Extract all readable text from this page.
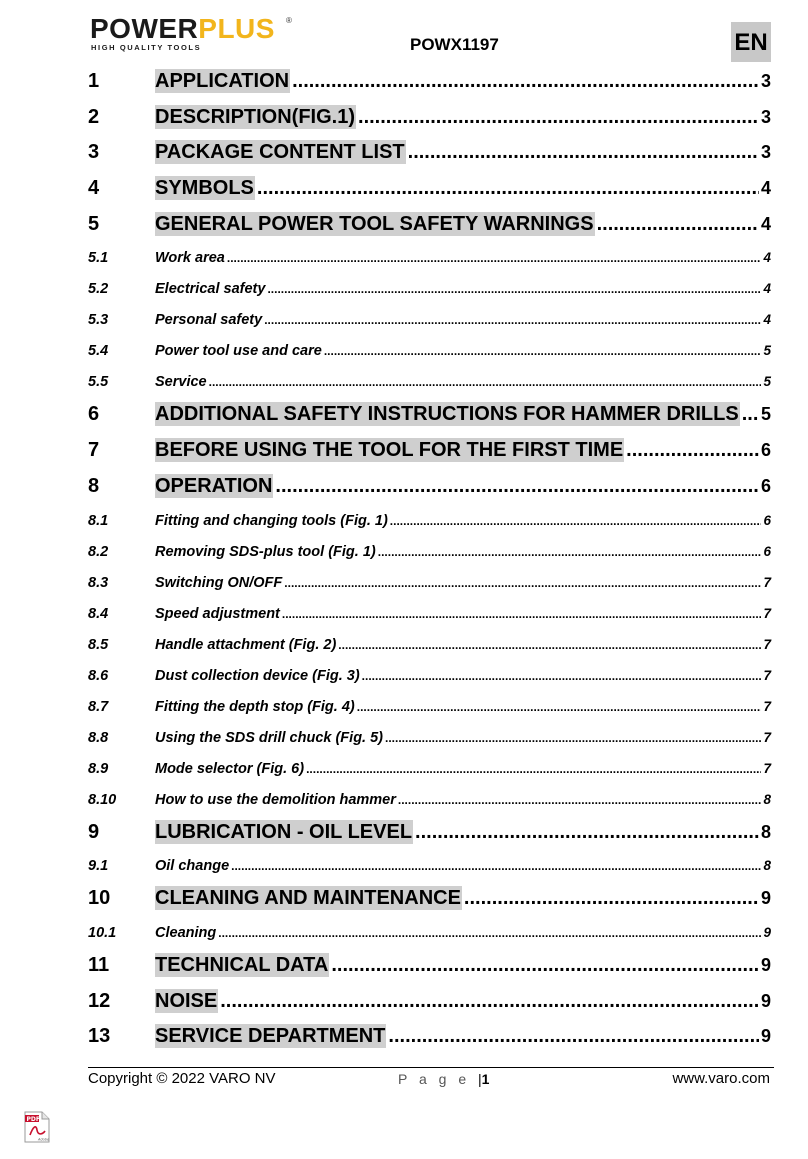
POWERPLUS ®
HIGH QUALITY TOOLS	POWX1197	EN
1	APPLICATION .....	3
2	DESCRIPTION(FIG.1) .....	3
3	PACKAGE CONTENT LIST .....	3
4	SYMBOLS .....	4
5	GENERAL POWER TOOL SAFETY WARNINGS .....	4
5.1	Work area .....	4
5.2	Electrical safety .....	4
5.3	Personal safety .....	4
5.4	Power tool use and care .....	5
5.5	Service .....	5
6	ADDITIONAL SAFETY INSTRUCTIONS FOR HAMMER DRILLS ..... 5
7	BEFORE USING THE TOOL FOR THE FIRST TIME .....	6
8	OPERATION .....	6
8.1	Fitting and changing tools (Fig. 1) .....	6
8.2	Removing SDS-plus tool (Fig. 1) .....	6
8.3	Switching ON/OFF .....	7
8.4	Speed adjustment .....	7
8.5	Handle attachment (Fig. 2) .....	7
8.6	Dust collection device (Fig. 3) .....	7
8.7	Fitting the depth stop (Fig. 4) .....	7
8.8	Using the SDS drill chuck (Fig. 5) .....	7
8.9	Mode selector (Fig. 6) .....	7
8.10	How to use the demolition hammer .....	8
9	LUBRICATION - OIL LEVEL .....	8
9.1	Oil change .....	8
10	CLEANING AND MAINTENANCE .....	9
10.1	Cleaning .....	9
11	TECHNICAL DATA .....	9
12	NOISE .....	9
13	SERVICE DEPARTMENT .....	9
Copyright © 2022 VARO NV	P a g e |1	www.varo.com
PDF
Adobe
